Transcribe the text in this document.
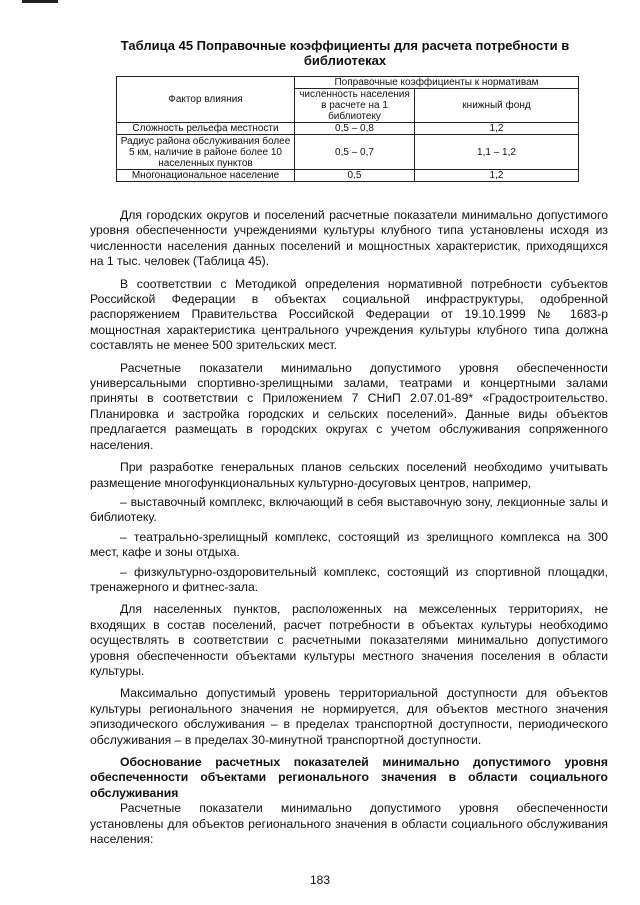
Таблица 45 Поправочные коэффициенты для расчета потребности в библиотеках
Фактор влияния	Поправочные коэффициенты к нормативам	
	численность населения в расчете на 1 библиотеку	книжный фонд
Сложность рельефа местности	0,5 – 0,8	1,2
Радиус района обслуживания более 5 км, наличие в районе более 10 населенных пунктов	0,5 – 0,7	1,1 – 1,2
Многонациональное население	0,5	1,2

Для городских округов и поселений расчетные показатели минимально допустимого уровня обеспеченности учреждениями культуры клубного типа установлены исходя из численности населения данных поселений и мощностных характеристик, приходящихся на 1 тыс. человек (Таблица 45).

В соответствии с Методикой определения нормативной потребности субъектов Российской Федерации в объектах социальной инфраструктуры, одобренной распоряжением Правительства Российской Федерации от 19.10.1999 № 1683-р мощностная характеристика центрального учреждения культуры клубного типа должна составлять не менее 500 зрительских мест.

Расчетные показатели минимально допустимого уровня обеспеченности универсальными спортивно-зрелищными залами, театрами и концертными залами приняты в соответствии с Приложением 7 СНиП 2.07.01-89* «Градостроительство. Планировка и застройка городских и сельских поселений». Данные виды объектов предлагается размещать в городских округах с учетом обслуживания сопряженного населения.

При разработке генеральных планов сельских поселений необходимо учитывать размещение многофункциональных культурно-досуговых центров, например,

– выставочный комплекс, включающий в себя выставочную зону, лекционные залы и библиотеку.

– театрально-зрелищный комплекс, состоящий из зрелищного комплекса на 300 мест, кафе и зоны отдыха.

– физкультурно-оздоровительный комплекс, состоящий из спортивной площадки, тренажерного и фитнес-зала.

Для населенных пунктов, расположенных на межселенных территориях, не входящих в состав поселений, расчет потребности в объектах культуры необходимо осуществлять в соответствии с расчетными показателями минимально допустимого уровня обеспеченности объектами культуры местного значения поселения в области культуры.

Максимально допустимый уровень территориальной доступности для объектов культуры регионального значения не нормируется, для объектов местного значения эпизодического обслуживания – в пределах транспортной доступности, периодического обслуживания – в пределах 30-минутной транспортной доступности.

Обоснование расчетных показателей минимально допустимого уровня обеспеченности объектами регионального значения в области социального обслуживания

Расчетные показатели минимально допустимого уровня обеспеченности установлены для объектов регионального значения в области социального обслуживания населения:

183
